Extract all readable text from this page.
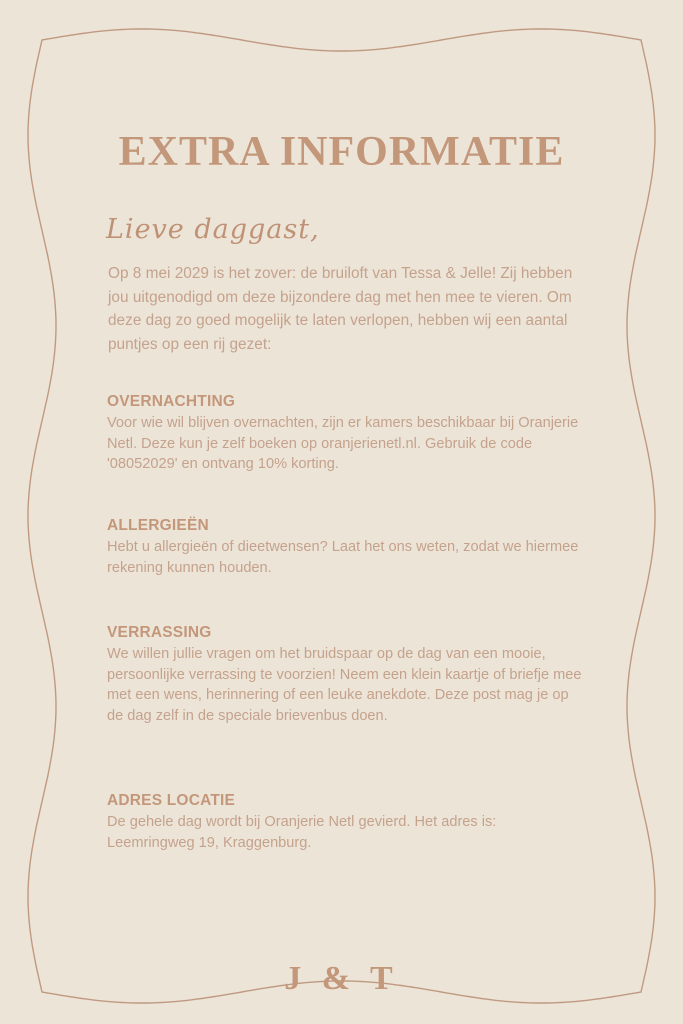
EXTRA INFORMATIE
Lieve daggast,
Op 8 mei 2029 is het zover: de bruiloft van Tessa & Jelle! Zij hebben jou uitgenodigd om deze bijzondere dag met hen mee te vieren. Om deze dag zo goed mogelijk te laten verlopen, hebben wij een aantal puntjes op een rij gezet:
OVERNACHTING

Voor wie wil blijven overnachten, zijn er kamers beschikbaar bij Oranjerie Netl. Deze kun je zelf boeken op oranjerienetl.nl. Gebruik de code '08052029' en ontvang 10% korting.

ALLERGIEËN

Hebt u allergieën of dieetwensen? Laat het ons weten, zodat we hiermee rekening kunnen houden.

VERRASSING

We willen jullie vragen om het bruidspaar op de dag van een mooie, persoonlijke verrassing te voorzien! Neem een klein kaartje of briefje mee met een wens, herinnering of een leuke anekdote. Deze post mag je op de dag zelf in de speciale brievenbus doen.

ADRES LOCATIE

De gehele dag wordt bij Oranjerie Netl gevierd. Het adres is: Leemringweg 19, Kraggenburg.

J & T
